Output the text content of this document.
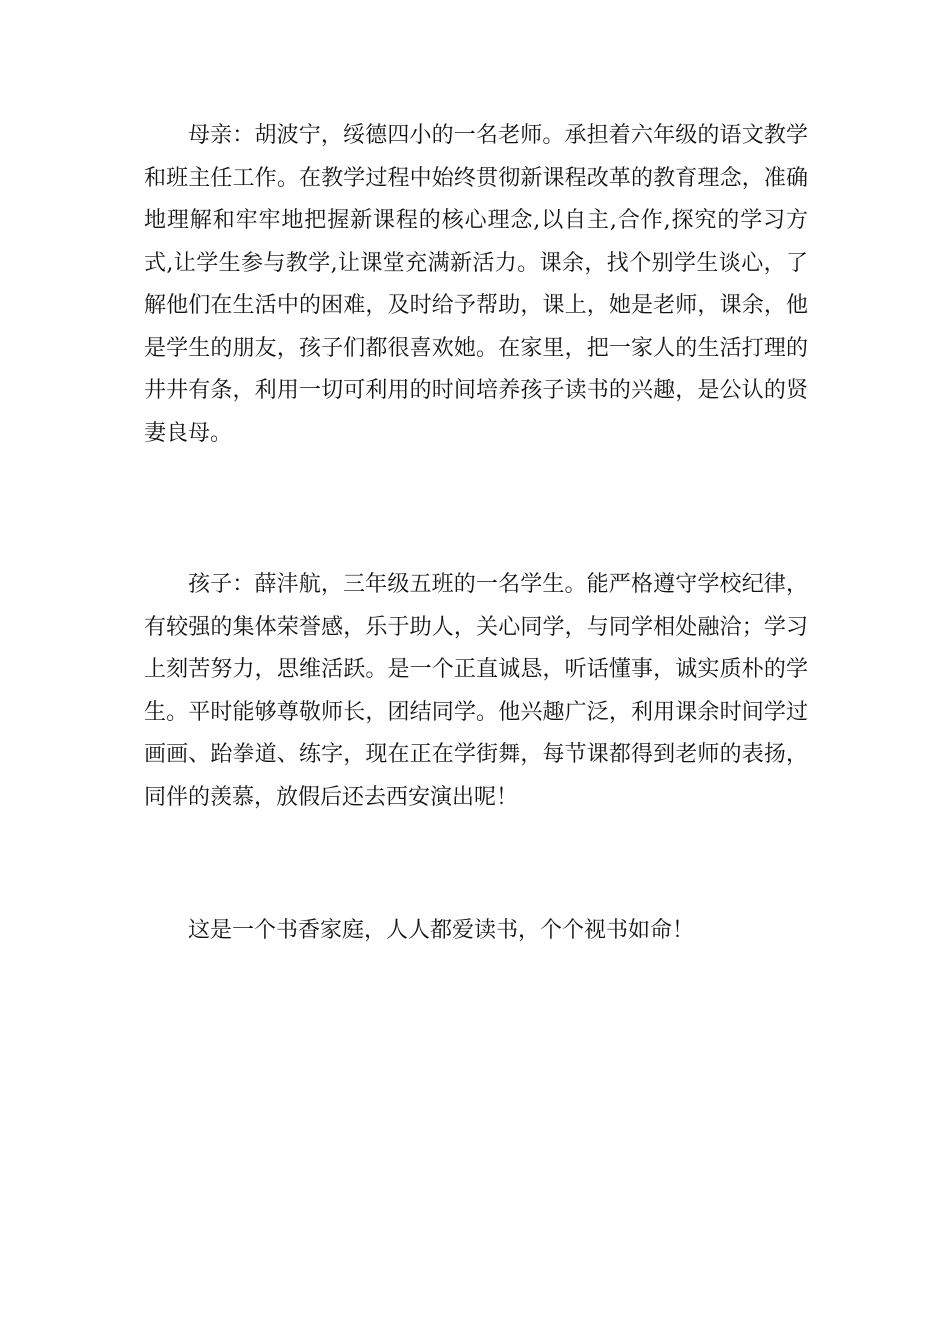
母亲：胡波宁，绥德四小的一名老师。承担着六年级的语文教学和班主任工作。在教学过程中始终贯彻新课程改革的教育理念，准确地理解和牢牢地把握新课程的核心理念,以自主,合作,探究的学习方式,让学生参与教学,让课堂充满新活力。课余，找个别学生谈心，了解他们在生活中的困难，及时给予帮助，课上，她是老师，课余，他是学生的朋友，孩子们都很喜欢她。在家里，把一家人的生活打理的井井有条，利用一切可利用的时间培养孩子读书的兴趣，是公认的贤妻良母。

孩子：薛沣航，三年级五班的一名学生。能严格遵守学校纪律，有较强的集体荣誉感，乐于助人，关心同学，与同学相处融洽；学习上刻苦努力，思维活跃。是一个正直诚恳，听话懂事，诚实质朴的学生。平时能够尊敬师长，团结同学。他兴趣广泛，利用课余时间学过画画、跆拳道、练字，现在正在学街舞，每节课都得到老师的表扬，同伴的羡慕，放假后还去西安演出呢！

这是一个书香家庭，人人都爱读书，个个视书如命！
